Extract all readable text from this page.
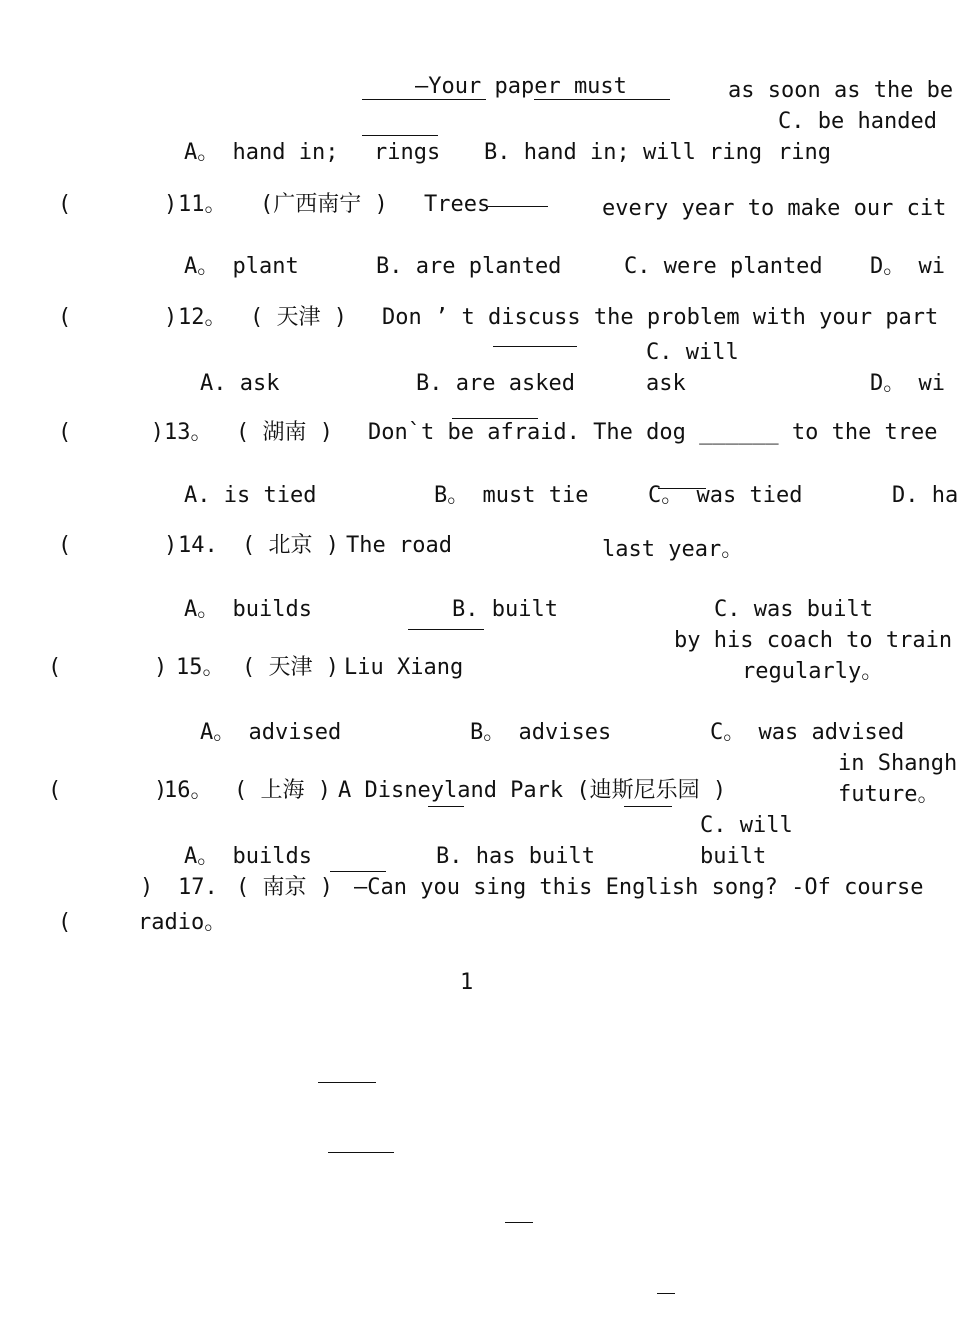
—Your paper must	as soon as the be
C. be handed
A。 hand in; rings B. hand in; will ring ring
(       ) 11。 (广西南宁 ) Trees	every year to make our cit
A。 plant	B. are planted	C. were planted D。 wi
(       ) 12。 ( 天津 ) Don ’ t discuss the problem with your part
C. will
A. ask	B. are asked	ask	D。 wi
(      ) 13。 ( 湖南 ) Don`t be afraid. The dog ______ to the tree
A. is tied	B。 must tie	C。 was tied	D. ha
(       ) 14. ( 北京 ) The road	last year。
A。 builds	B. built	C. was built
by his coach to train
(       ) 15。 ( 天津 ) Liu Xiang	regularly。
A。 advised	B。 advises	C。 was advised
in Shangh
(       )
16。 ( 上海 ) A Disneyland Park (迪斯尼乐园 )	future。
C. will
A。 builds	B. has built	built
) 17. ( 南京 ) —Can you sing this English song? -Of course
(	radio。
1
